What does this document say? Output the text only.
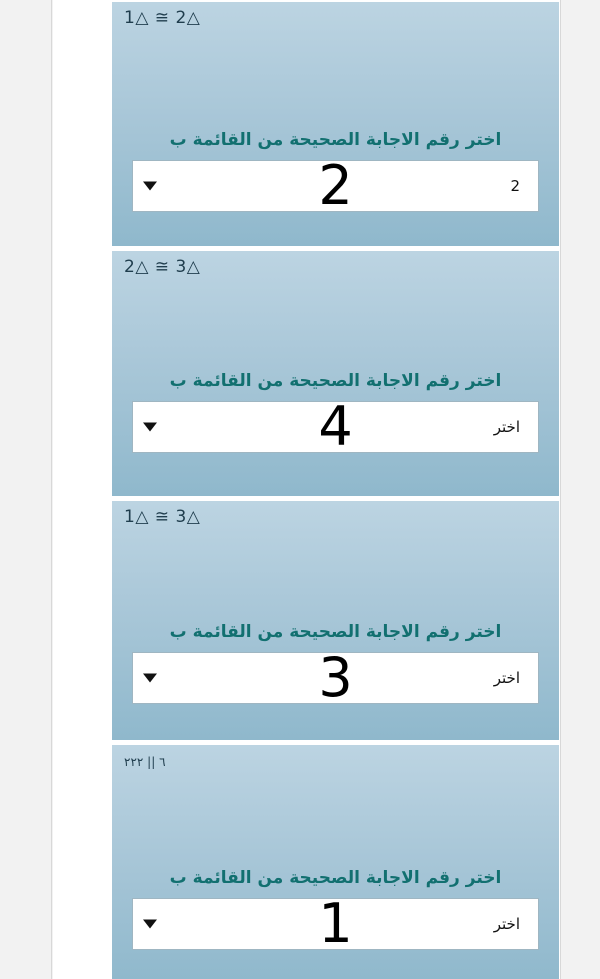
1△ ≅ 2△
اختر رقم الاجابة الصحيحة من القائمة ب
2
2
2△ ≅ 3△
اختر رقم الاجابة الصحيحة من القائمة ب
اختر
4
1△ ≅ 3△
اختر رقم الاجابة الصحيحة من القائمة ب
اختر
3
٦ || ٢٢٢
اختر رقم الاجابة الصحيحة من القائمة ب
اختر
1
